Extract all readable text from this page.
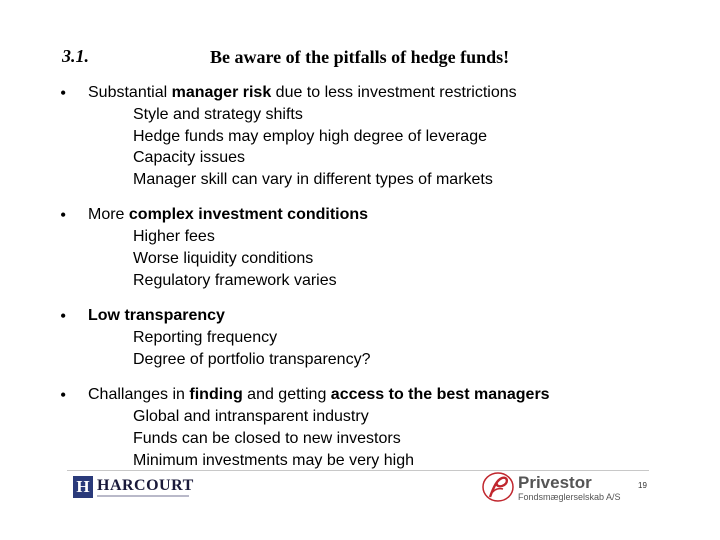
3.1.	Be aware of the pitfalls of hedge funds!
•	Substantial manager risk due to less investment restrictions
Style and strategy shifts
Hedge funds may employ high degree of leverage
Capacity issues
Manager skill can vary in different types of markets
•	More complex investment conditions
Higher fees
Worse liquidity conditions
Regulatory framework varies
•	Low transparency
Reporting frequency
Degree of portfolio transparency?
•	Challanges in finding and getting access to the best managers
Global and intransparent industry
Funds can be closed to new investors
Minimum investments may be very high
H HARCOURT	Privestor
Fondsmæglerselskab A/S
19
